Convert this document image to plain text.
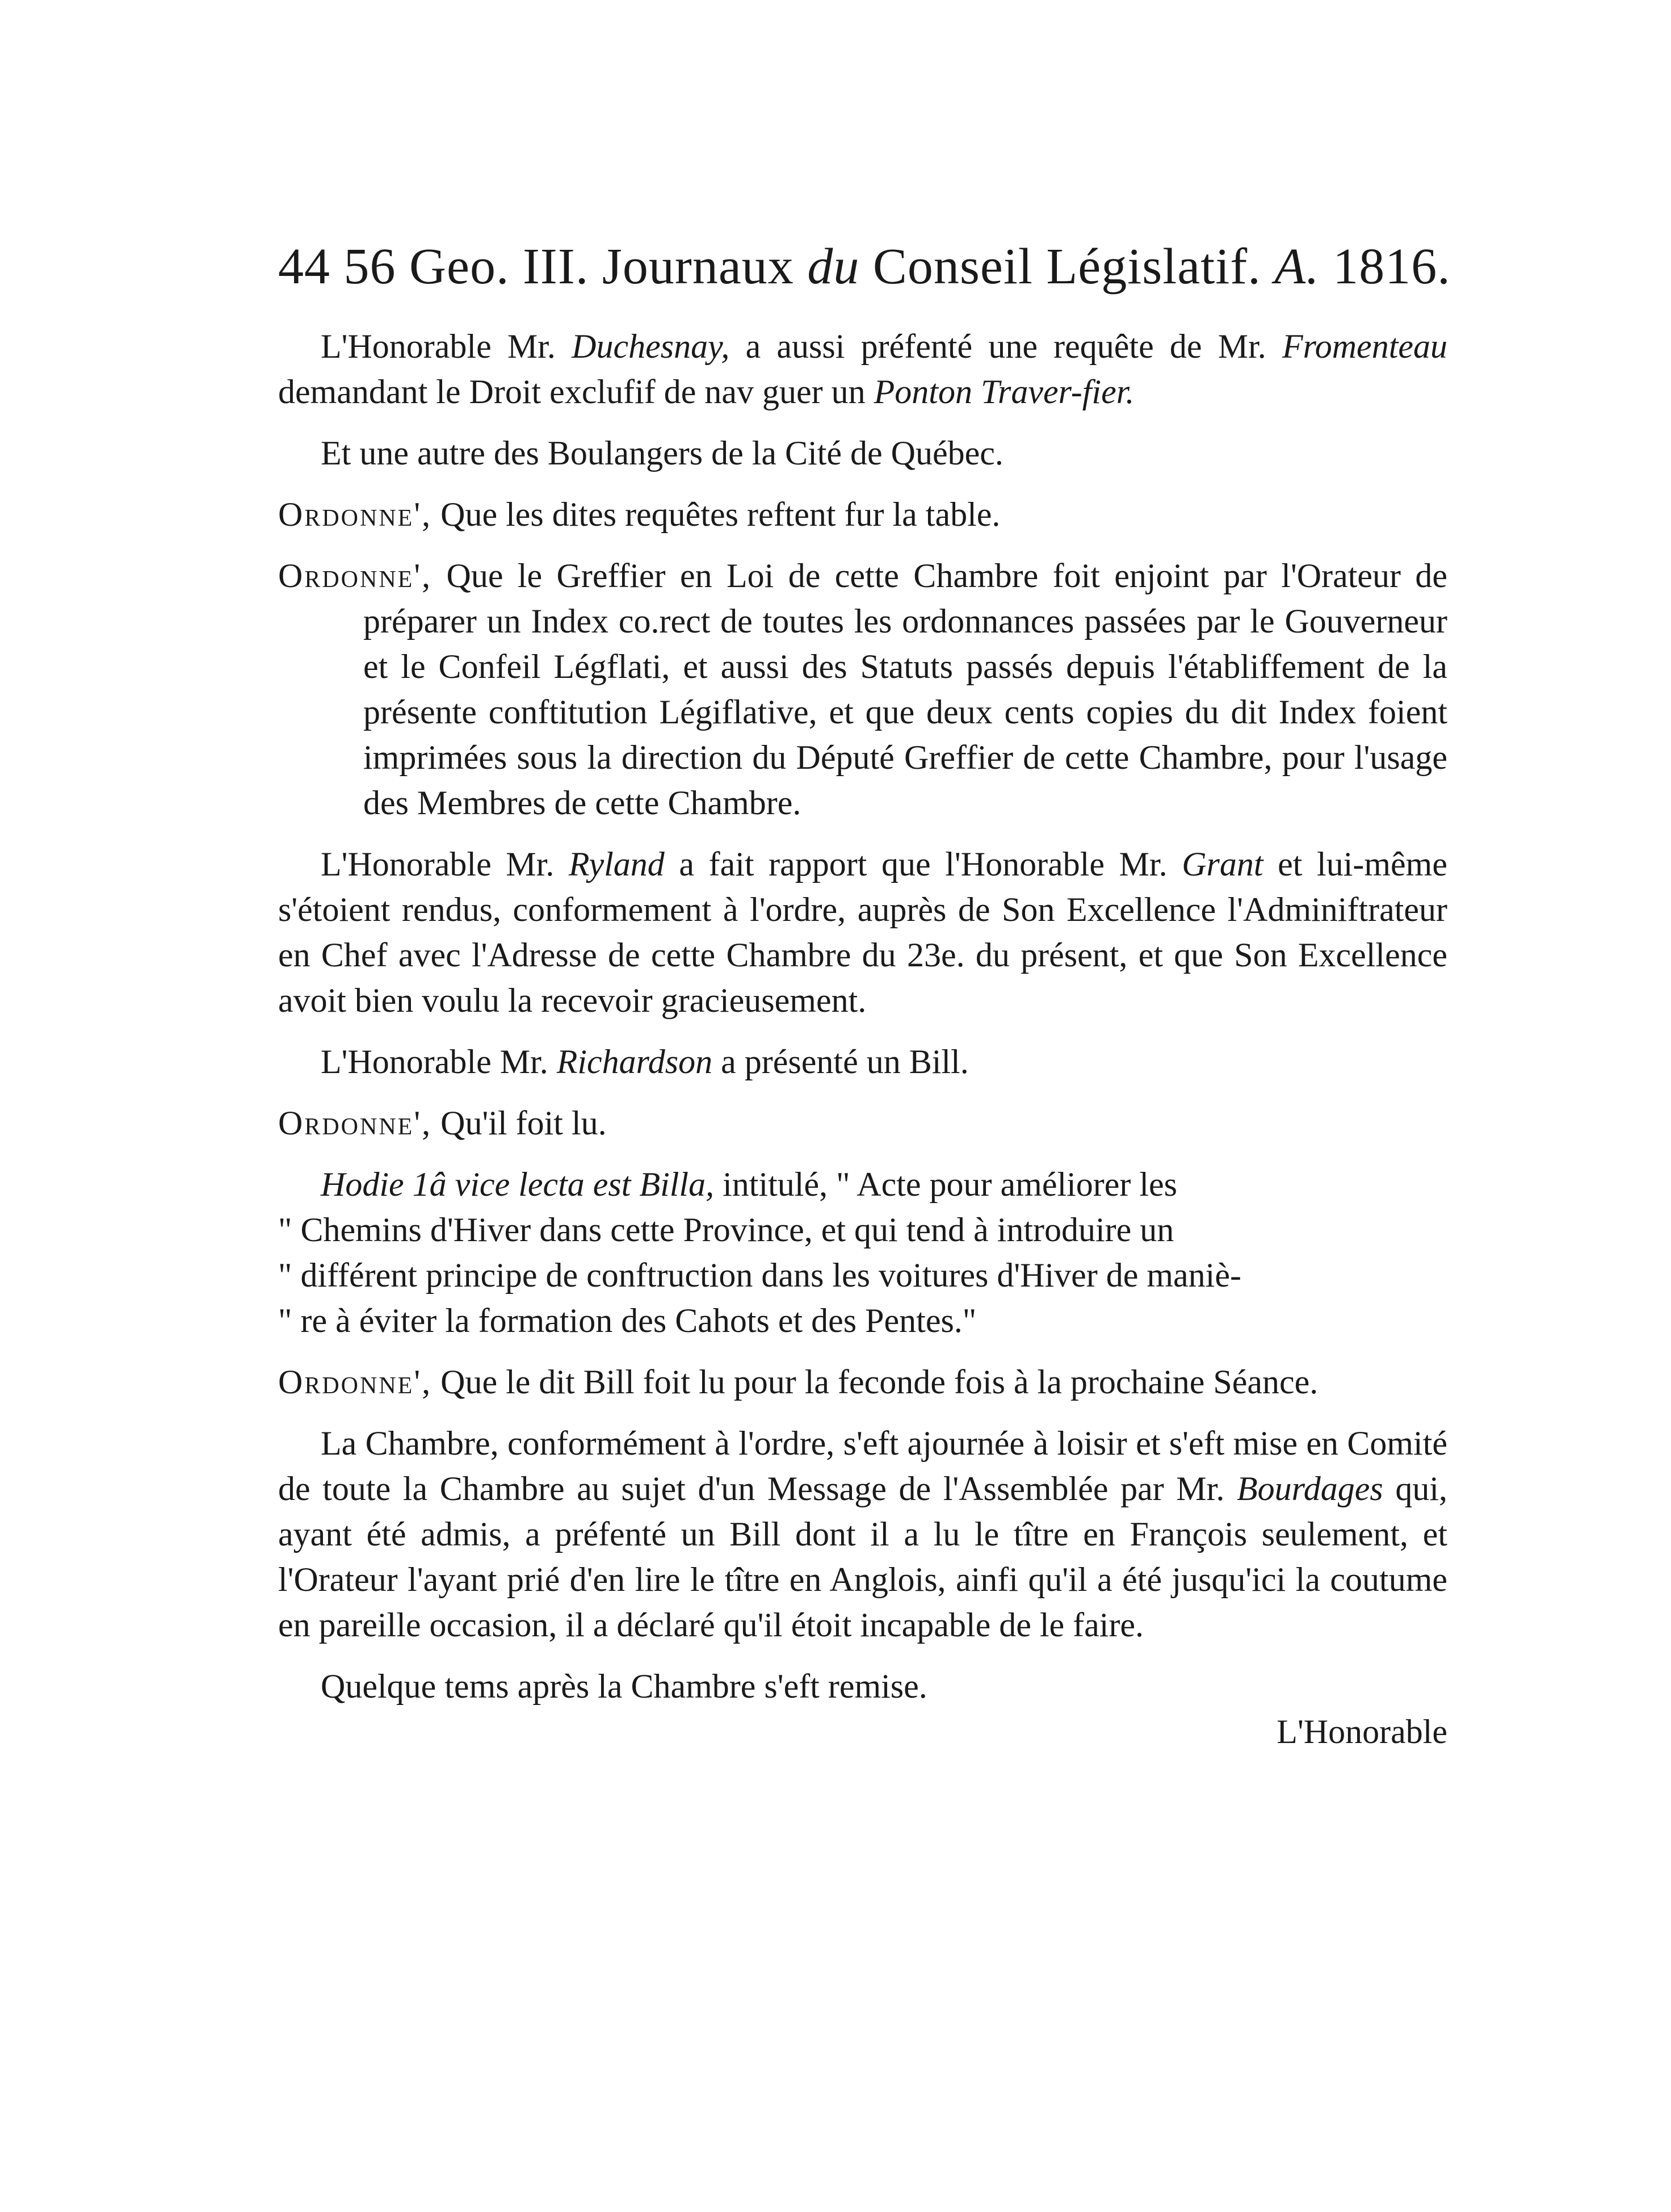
44 56 Geo. III. Journaux du Conseil Législatif. A. 1816.

L'Honorable Mr. Duchesnay, a aussi préfenté une requête de Mr. Fromenteau demandant le Droit exclufif de nav guer un Ponton Traver-fier.

Et une autre des Boulangers de la Cité de Québec.

Ordonne', Que les dites requêtes reftent fur la table.

Ordonne', Que le Greffier en Loi de cette Chambre foit enjoint par l'Orateur de préparer un Index co.rect de toutes les ordonnances passées par le Gouverneur et le Confeil Légflati, et aussi des Statuts passés depuis l'établiffement de la présente conftitution Légiflative, et que deux cents copies du dit Index foient imprimées sous la direction du Député Greffier de cette Chambre, pour l'usage des Membres de cette Chambre.

L'Honorable Mr. Ryland a fait rapport que l'Honorable Mr. Grant et lui-même s'étoient rendus, conformement à l'ordre, auprès de Son Excellence l'Adminiftrateur en Chef avec l'Adresse de cette Chambre du 23e. du présent, et que Son Excellence avoit bien voulu la recevoir gracieusement.

L'Honorable Mr. Richardson a présenté un Bill.

Ordonne', Qu'il foit lu.

Hodie 1â vice lecta est Billa, intitulé, " Acte pour améliorer les
" Chemins d'Hiver dans cette Province, et qui tend à introduire un
" différent principe de conftruction dans les voitures d'Hiver de maniè-
" re à éviter la formation des Cahots et des Pentes."

Ordonne', Que le dit Bill foit lu pour la feconde fois à la prochaine Séance.

La Chambre, conformément à l'ordre, s'eft ajournée à loisir et s'eft mise en Comité de toute la Chambre au sujet d'un Message de l'Assemblée par Mr. Bourdages qui, ayant été admis, a préfenté un Bill dont il a lu le tître en François seulement, et l'Orateur l'ayant prié d'en lire le tître en Anglois, ainfi qu'il a été jusqu'ici la coutume en pareille occasion, il a déclaré qu'il étoit incapable de le faire.

Quelque tems après la Chambre s'eft remise.

L'Honorable
